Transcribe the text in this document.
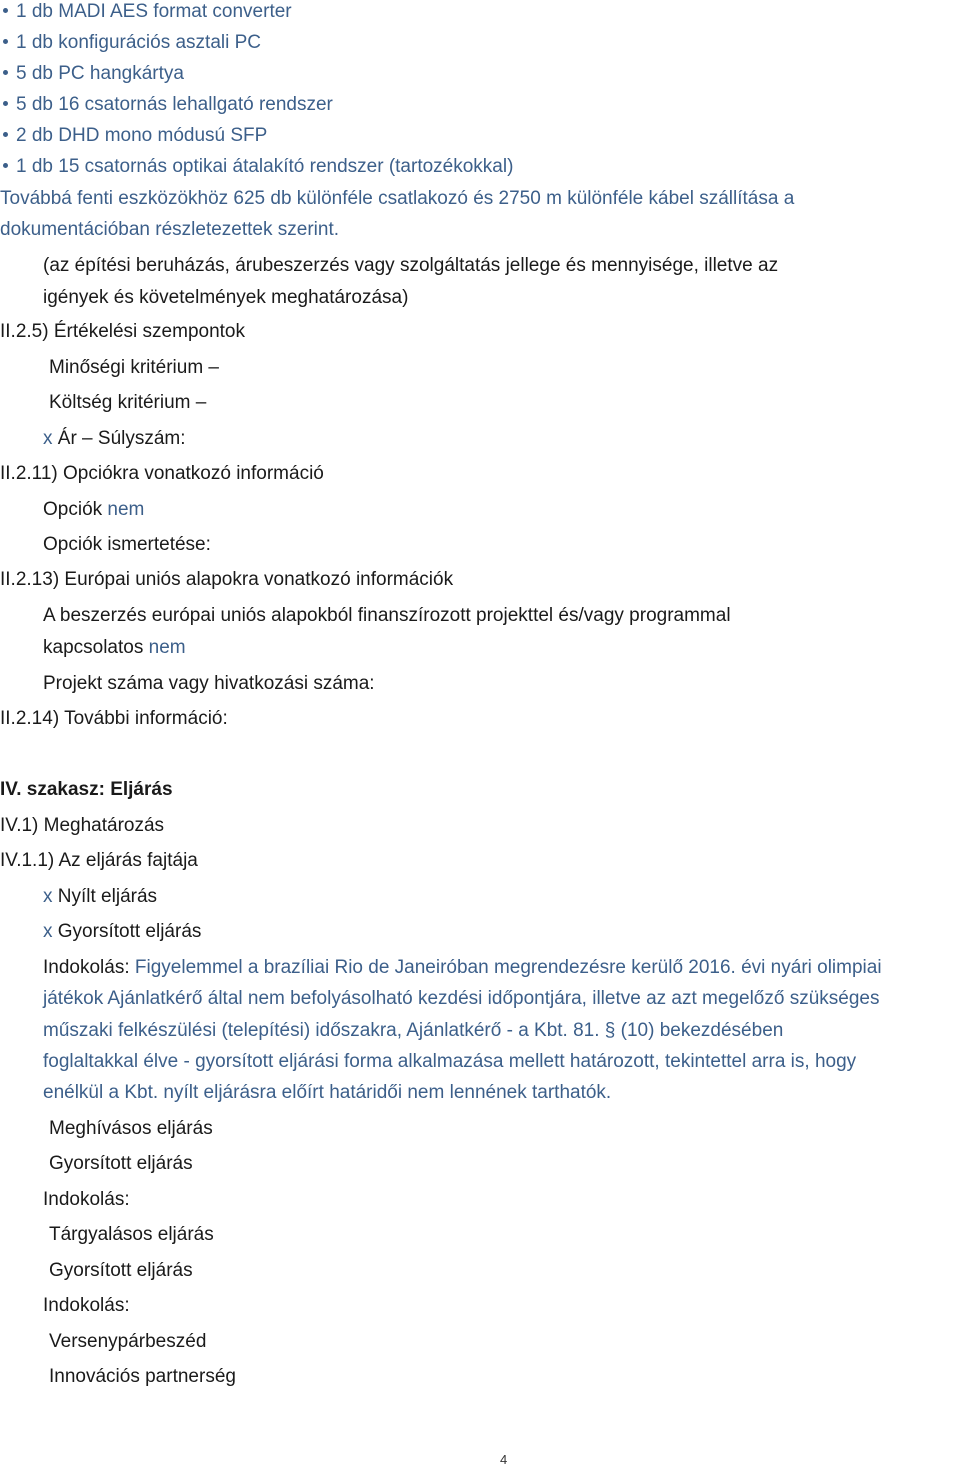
1 db MADI AES format converter
1 db konfigurációs asztali PC
5 db PC hangkártya
5 db 16 csatornás lehallgató rendszer
2 db DHD mono módusú SFP
1 db 15 csatornás optikai átalakító rendszer (tartozékokkal)
Továbbá fenti eszközökhöz 625 db különféle csatlakozó és 2750 m különféle kábel szállítása a
dokumentációban részletezettek szerint.
(az építési beruházás, árubeszerzés vagy szolgáltatás jellege és mennyisége, illetve az
igények és követelmények meghatározása)
II.2.5) Értékelési szempontok
Minőségi kritérium –
Költség kritérium –
x Ár – Súlyszám:
II.2.11) Opciókra vonatkozó információ
Opciók nem
Opciók ismertetése:
II.2.13) Európai uniós alapokra vonatkozó információk
A beszerzés európai uniós alapokból finanszírozott projekttel és/vagy programmal
kapcsolatos nem
Projekt száma vagy hivatkozási száma:
II.2.14) További információ:
IV. szakasz: Eljárás
IV.1) Meghatározás
IV.1.1) Az eljárás fajtája
x Nyílt eljárás
x Gyorsított eljárás
Indokolás: Figyelemmel a brazíliai Rio de Janeiróban megrendezésre kerülő 2016. évi nyári olimpiai
játékok Ajánlatkérő által nem befolyásolható kezdési időpontjára, illetve az azt megelőző szükséges
műszaki felkészülési (telepítési) időszakra, Ajánlatkérő - a Kbt. 81. § (10) bekezdésében
foglaltakkal élve - gyorsított eljárási forma alkalmazása mellett határozott, tekintettel arra is, hogy
enélkül a Kbt. nyílt eljárásra előírt határidői nem lennének tarthatók.
Meghívásos eljárás
Gyorsított eljárás
Indokolás:
Tárgyalásos eljárás
Gyorsított eljárás
Indokolás:
Versenypárbeszéd
Innovációs partnerség
4
